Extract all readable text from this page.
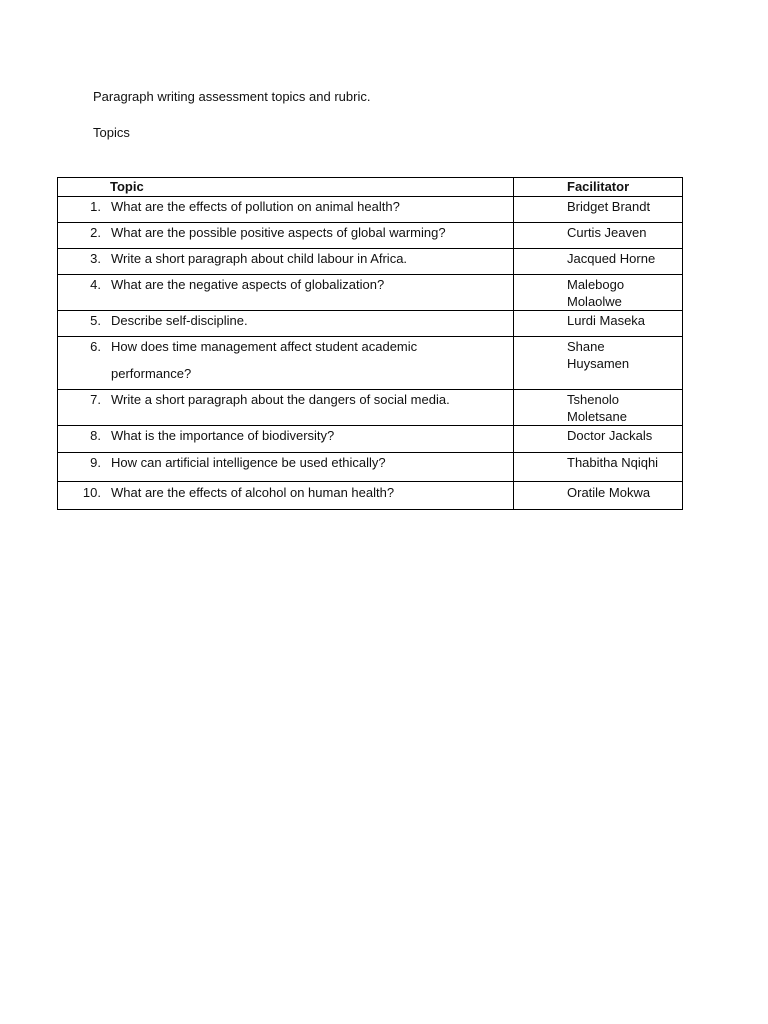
Paragraph writing assessment topics and rubric.

Topics

Topic	Facilitator

1. What are the effects of pollution on animal health?	Bridget Brandt

2. What are the possible positive aspects of global warming?	Curtis Jeaven

3. Write a short paragraph about child labour in Africa.	Jacqued Horne

4. What are the negative aspects of globalization?	Malebogo Molaolwe

5. Describe self-discipline.	Lurdi Maseka

6. How does time management affect student academic performance?	Shane Huysamen

7. Write a short paragraph about the dangers of social media.	Tshenolo Moletsane

8. What is the importance of biodiversity?	Doctor Jackals

9. How can artificial intelligence be used ethically?	Thabitha Nqiqhi

10. What are the effects of alcohol on human health?	Oratile Mokwa
